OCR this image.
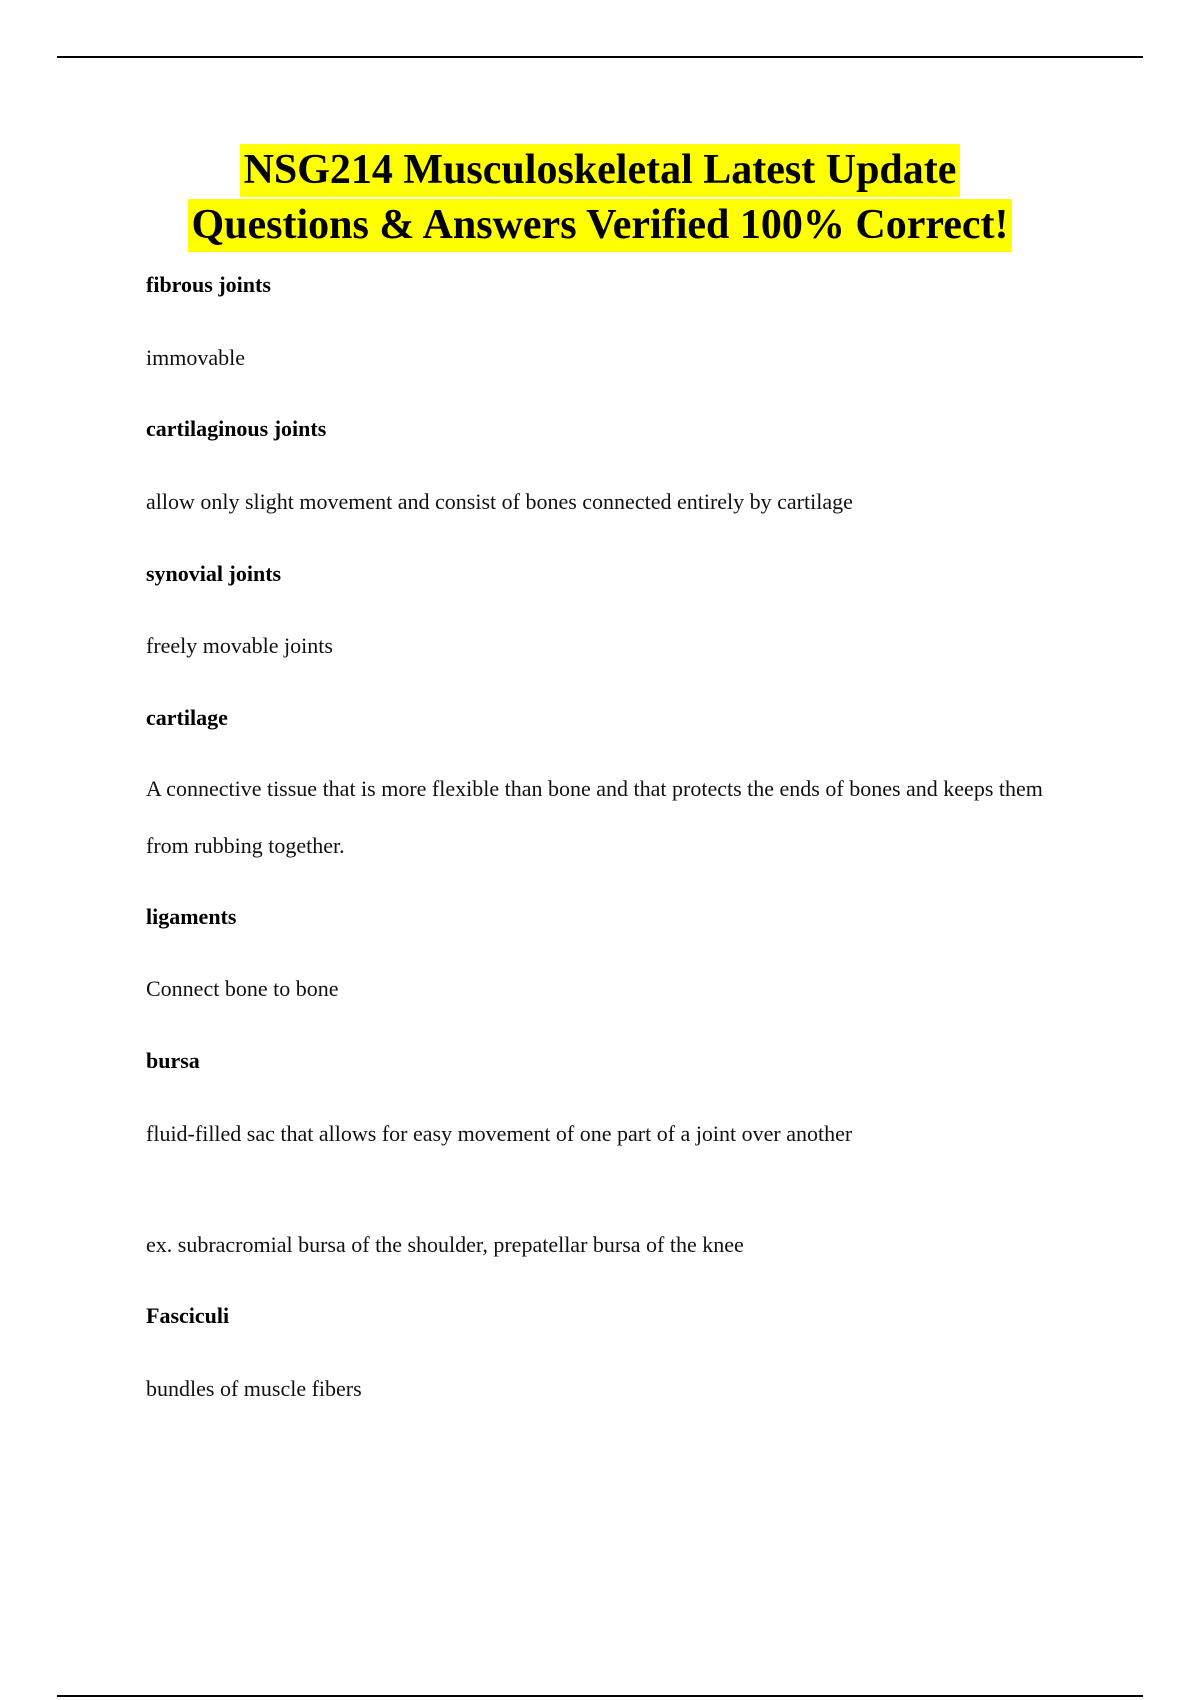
NSG214 Musculoskeletal Latest Update
Questions & Answers Verified 100% Correct!
fibrous joints
immovable
cartilaginous joints
allow only slight movement and consist of bones connected entirely by cartilage
synovial joints
freely movable joints
cartilage
A connective tissue that is more flexible than bone and that protects the ends of bones and keeps them from rubbing together.
ligaments
Connect bone to bone
bursa
fluid-filled sac that allows for easy movement of one part of a joint over another
ex. subracromial bursa of the shoulder, prepatellar bursa of the knee
Fasciculi
bundles of muscle fibers
